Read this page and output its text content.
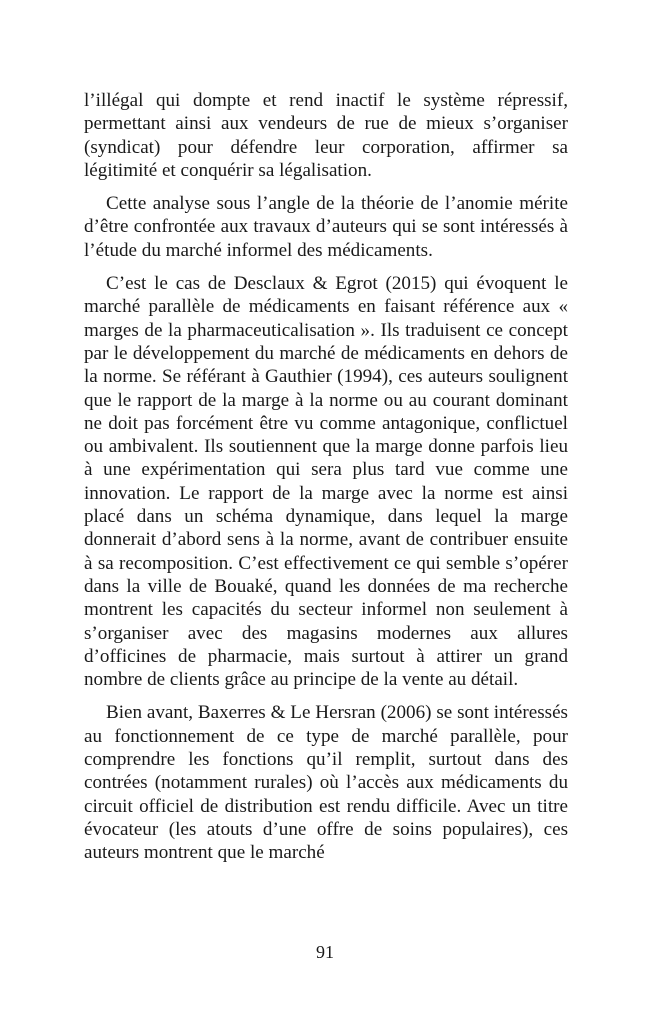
l’illégal qui dompte et rend inactif le système répressif, permettant ainsi aux vendeurs de rue de mieux s’organiser (syndicat) pour défendre leur corporation, affirmer sa légitimité et conquérir sa légalisation.

Cette analyse sous l’angle de la théorie de l’anomie mérite d’être confrontée aux travaux d’auteurs qui se sont intéressés à l’étude du marché informel des médicaments.

C’est le cas de Desclaux & Egrot (2015) qui évoquent le marché parallèle de médicaments en faisant référence aux « marges de la pharmaceuticalisation ». Ils traduisent ce concept par le développement du marché de médicaments en dehors de la norme. Se référant à Gauthier (1994), ces auteurs soulignent que le rapport de la marge à la norme ou au courant dominant ne doit pas forcément être vu comme antagonique, conflictuel ou ambivalent. Ils soutiennent que la marge donne parfois lieu à une expérimentation qui sera plus tard vue comme une innovation. Le rapport de la marge avec la norme est ainsi placé dans un schéma dynamique, dans lequel la marge donnerait d’abord sens à la norme, avant de contribuer ensuite à sa recomposition. C’est effectivement ce qui semble s’opérer dans la ville de Bouaké, quand les données de ma recherche montrent les capacités du secteur informel non seulement à s’organiser avec des magasins modernes aux allures d’officines de pharmacie, mais surtout à attirer un grand nombre de clients grâce au principe de la vente au détail.

Bien avant, Baxerres & Le Hersran (2006) se sont intéressés au fonctionnement de ce type de marché parallèle, pour comprendre les fonctions qu’il remplit, surtout dans des contrées (notamment rurales) où l’accès aux médicaments du circuit officiel de distribution est rendu difficile. Avec un titre évocateur (les atouts d’une offre de soins populaires), ces auteurs montrent que le marché

91
